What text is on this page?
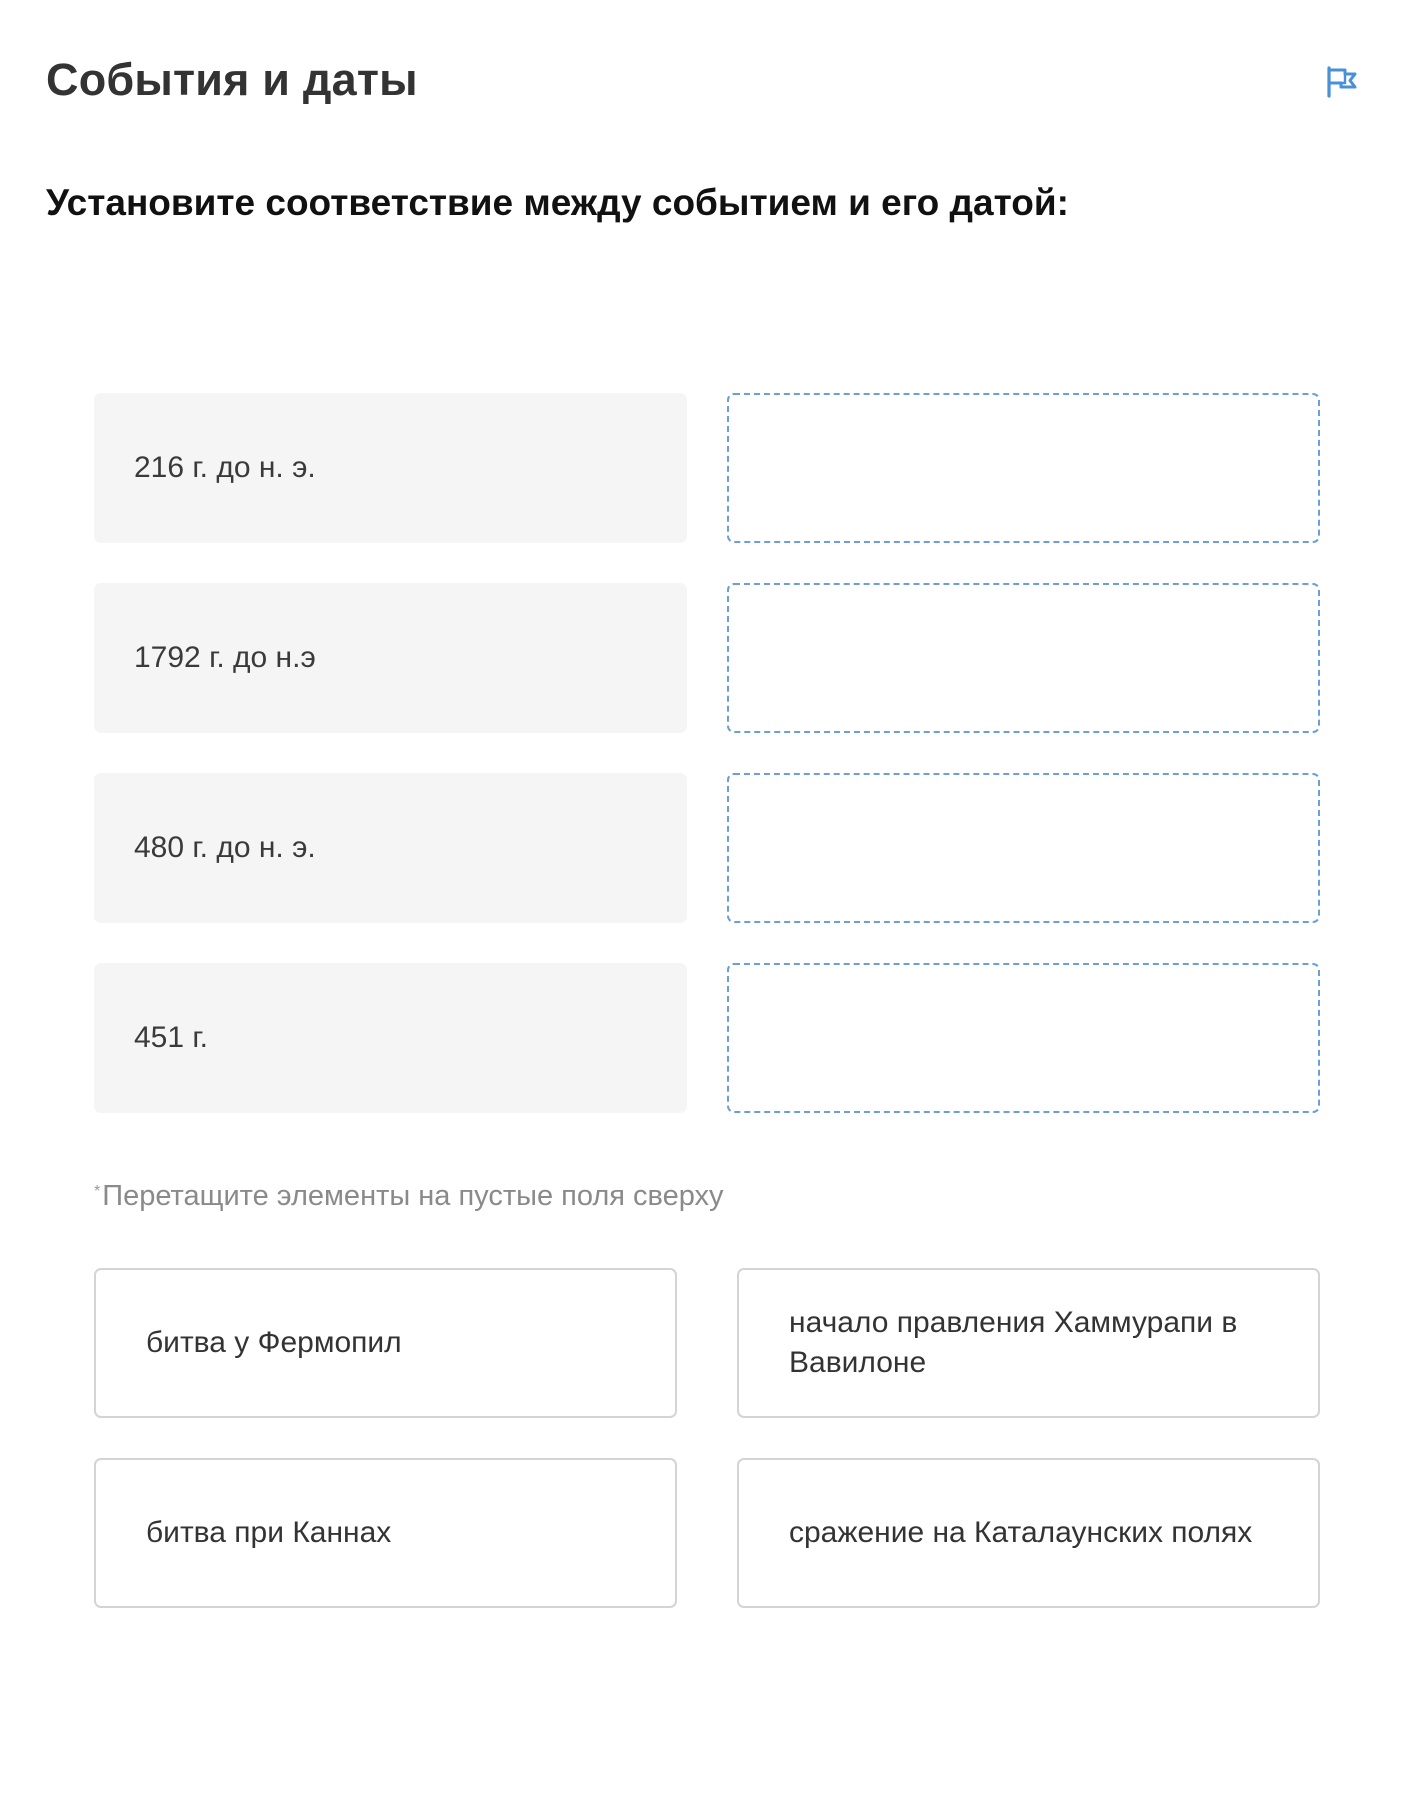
События и даты
Установите соответствие между событием и его датой:
216 г. до н. э.
1792 г. до н.э
480 г. до н. э.
451 г.
* Перетащите элементы на пустые поля сверху
битва у Фермопил
начало правления Хаммурапи в Вавилоне
битва при Каннах	сражение на Каталаунских полях
